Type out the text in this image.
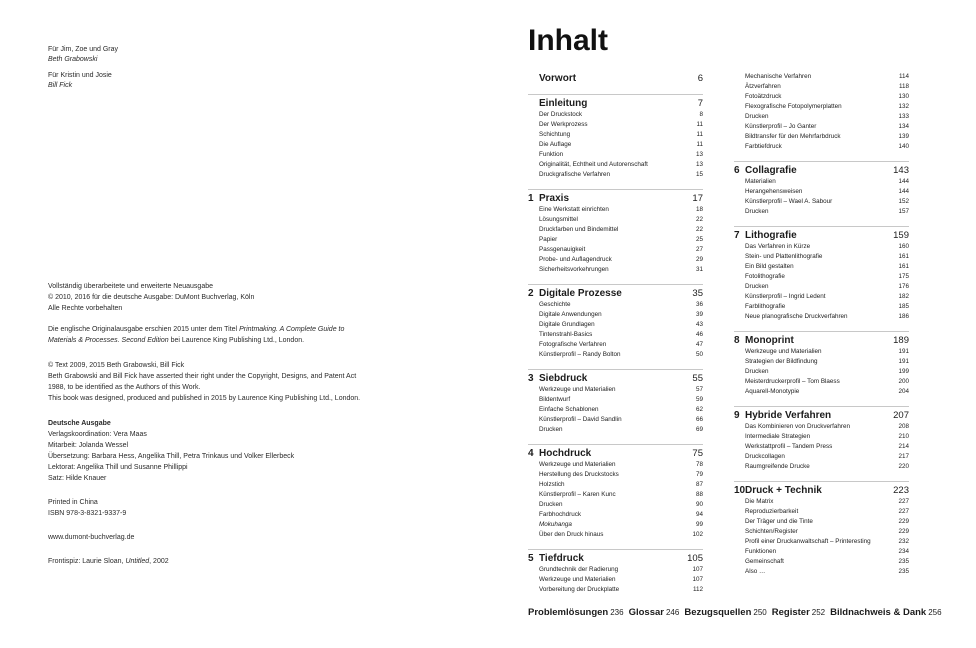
Für Jim, Zoe und Gray
Beth Grabowski
Für Kristin und Josie
Bill Fick
Vollständig überarbeitete und erweiterte Neuausgabe
© 2010, 2016 für die deutsche Ausgabe: DuMont Buchverlag, Köln
Alle Rechte vorbehalten
Die englische Originalausgabe erschien 2015 unter dem Titel Printmaking. A Complete Guide to
Materials & Processes. Second Edition bei Laurence King Publishing Ltd., London.
© Text 2009, 2015 Beth Grabowski, Bill Fick
Beth Grabowski and Bill Fick have asserted their right under the Copyright, Designs, and Patent Act
1988, to be identified as the Authors of this Work.
This book was designed, produced and published in 2015 by Laurence King Publishing Ltd., London.
Deutsche Ausgabe
Verlagskoordination: Vera Maas
Mitarbeit: Jolanda Wessel
Übersetzung: Barbara Hess, Angelika Thill, Petra Trinkaus und Volker Ellerbeck
Lektorat: Angelika Thill und Susanne Phillippi
Satz: Hilde Knauer
Printed in China
ISBN 978-3-8321-9337-9
www.dumont-buchverlag.de
Frontispiz: Laurie Sloan, Untitled, 2002
Inhalt
Vorwort	6
Einleitung	7
Der Druckstock	8
Der Werkprozess	11
Schichtung	11
Die Auflage	11
Funktion	13
Originalität, Echtheit und Autorenschaft	13
Druckgrafische Verfahren	15
1 Praxis	17
Eine Werkstatt einrichten	18
Lösungsmittel	22
Druckfarben und Bindemittel	22
Papier	25
Passgenauigkeit	27
Probe- und Auflagendruck	29
Sicherheitsvorkehrungen	31
2 Digitale Prozesse	35
Geschichte	36
Digitale Anwendungen	39
Digitale Grundlagen	43
Tintenstrahl-Basics	46
Fotografische Verfahren	47
Künstlerprofil – Randy Bolton	50
3 Siebdruck	55
Werkzeuge und Materialien	57
Bildentwurf	59
Einfache Schablonen	62
Künstlerprofil – David Sandlin	66
Drucken	69
4 Hochdruck	75
Werkzeuge und Materialien	78
Herstellung des Druckstocks	79
Holzstich	87
Künstlerprofil – Karen Kunc	88
Drucken	90
Farbhochdruck	94
Mokuhanga	99
Über den Druck hinaus	102
5 Tiefdruck	105
Grundtechnik der Radierung	107
Werkzeuge und Materialien	107
Vorbereitung der Druckplatte	112
Mechanische Verfahren	114
Ätzverfahren	118
Fotoätzdruck	130
Flexografische Fotopolymerplatten	132
Drucken	133
Künstlerprofil – Jo Ganter	134
Bildtransfer für den Mehrfarbdruck	139
Farbtiefdruck	140
6 Collagrafie	143
Materialien	144
Herangehensweisen	144
Künstlerprofil – Wael A. Sabour	152
Drucken	157
7 Lithografie	159
Das Verfahren in Kürze	160
Stein- und Plattenlithografie	161
Ein Bild gestalten	161
Fotolithografie	175
Drucken	176
Künstlerprofil – Ingrid Ledent	182
Farblithografie	185
Neue planografische Druckverfahren	186
8 Monoprint	189
Werkzeuge und Materialien	191
Strategien der Bildfindung	191
Drucken	199
Meisterdruckerprofil – Tom Blaess	200
Aquarell-Monotypie	204
9 Hybride Verfahren	207
Das Kombinieren von Druckverfahren	208
Intermediale Strategien	210
Werkstattprofil – Tandem Press	214
Druckcollagen	217
Raumgreifende Drucke	220
10 Druck + Technik	223
Die Matrix	227
Reproduzierbarkeit	227
Der Träger und die Tinte	229
Schichten/Register	229
Profil einer Druckanwaltschaft – Printeresting	232
Funktionen	234
Gemeinschaft	235
Also …	235
Problemlösungen 236 Glossar 246 Bezugsquellen 250 Register 252 Bildnachweis & Dank 256
